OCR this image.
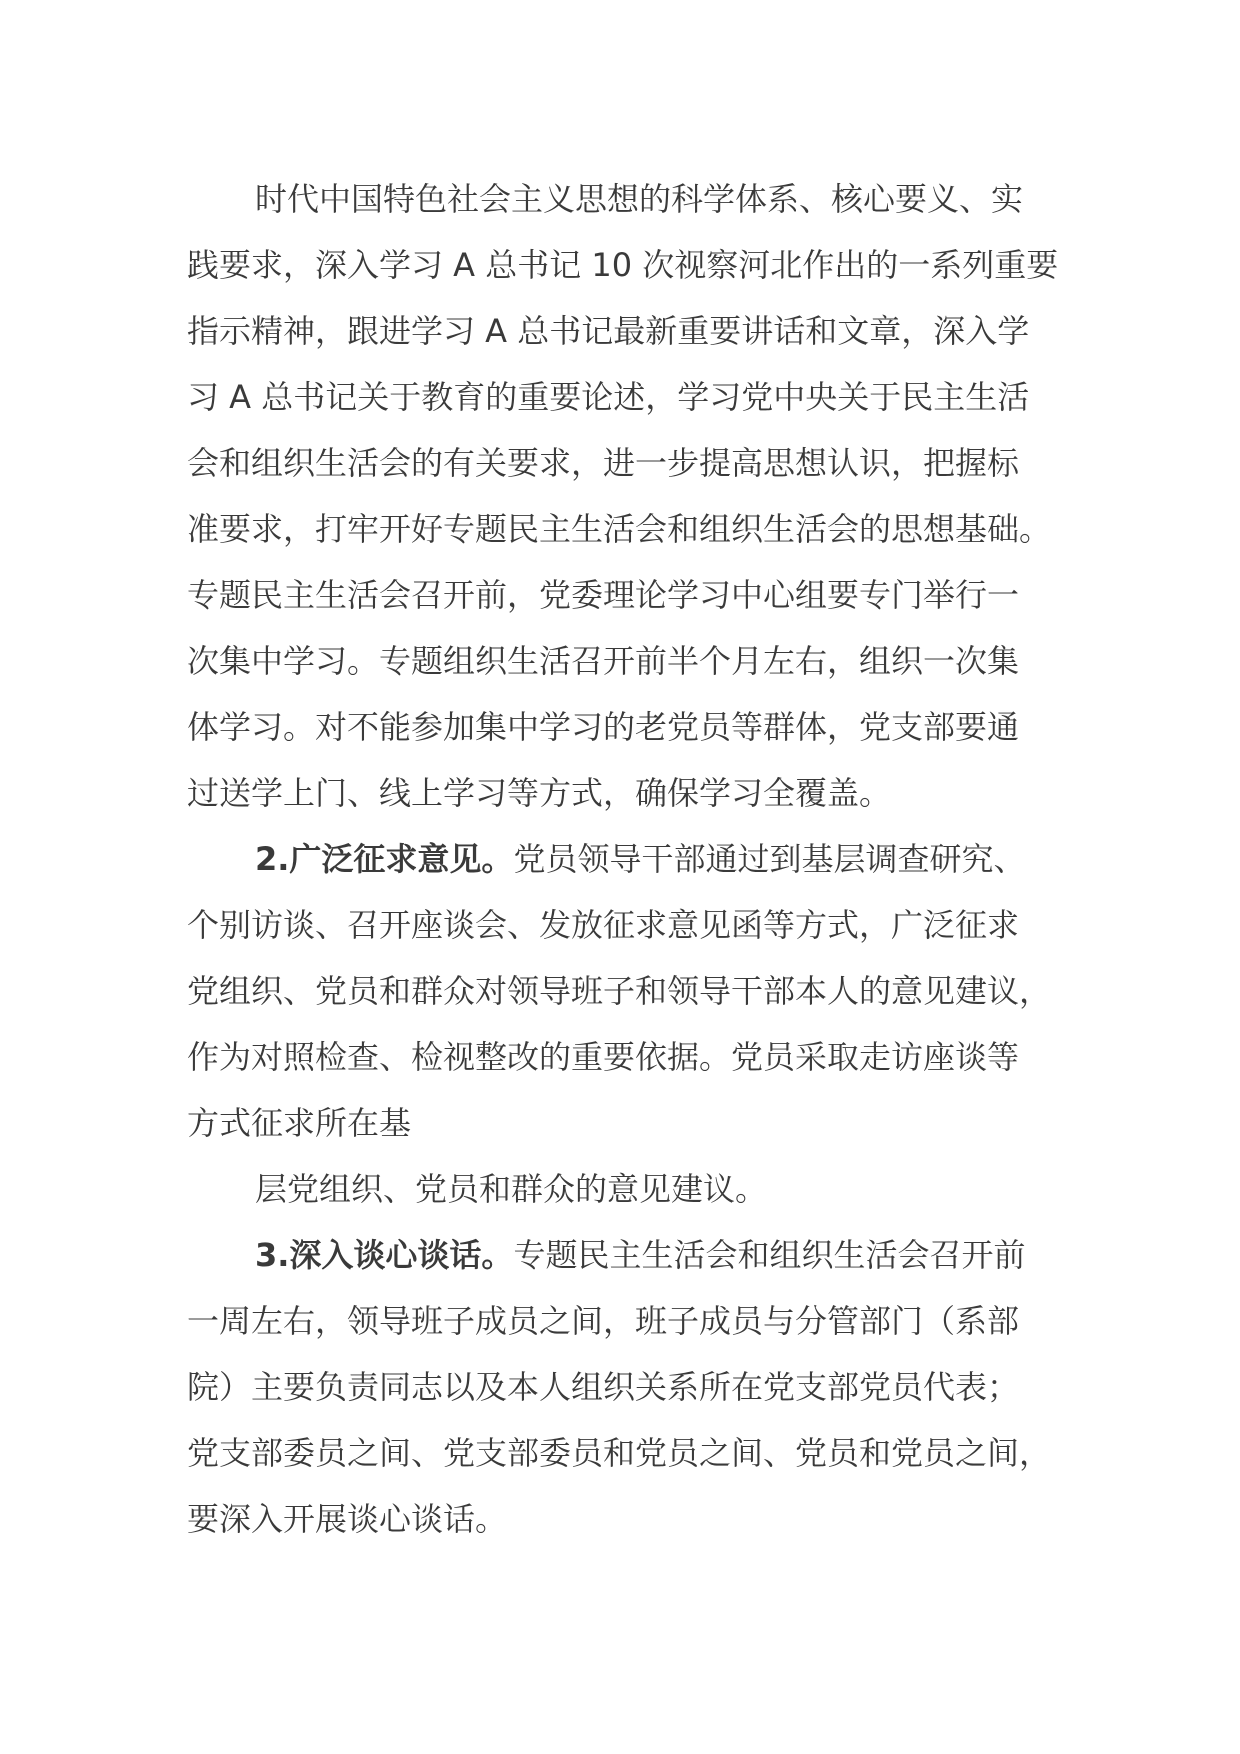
时代中国特色社会主义思想的科学体系、核心要义、实
践要求，深入学习 A 总书记 10 次视察河北作出的一系列重要
指示精神，跟进学习 A 总书记最新重要讲话和文章，深入学
习 A 总书记关于教育的重要论述，学习党中央关于民主生活
会和组织生活会的有关要求，进一步提高思想认识，把握标
准要求，打牢开好专题民主生活会和组织生活会的思想基础。
专题民主生活会召开前，党委理论学习中心组要专门举行一
次集中学习。专题组织生活召开前半个月左右，组织一次集
体学习。对不能参加集中学习的老党员等群体，党支部要通
过送学上门、线上学习等方式，确保学习全覆盖。
2.广泛征求意见。党员领导干部通过到基层调查研究、
个别访谈、召开座谈会、发放征求意见函等方式，广泛征求
党组织、党员和群众对领导班子和领导干部本人的意见建议，
作为对照检查、检视整改的重要依据。党员采取走访座谈等
方式征求所在基
层党组织、党员和群众的意见建议。
3.深入谈心谈话。专题民主生活会和组织生活会召开前
一周左右，领导班子成员之间，班子成员与分管部门（系部
院）主要负责同志以及本人组织关系所在党支部党员代表；
党支部委员之间、党支部委员和党员之间、党员和党员之间，
要深入开展谈心谈话。
